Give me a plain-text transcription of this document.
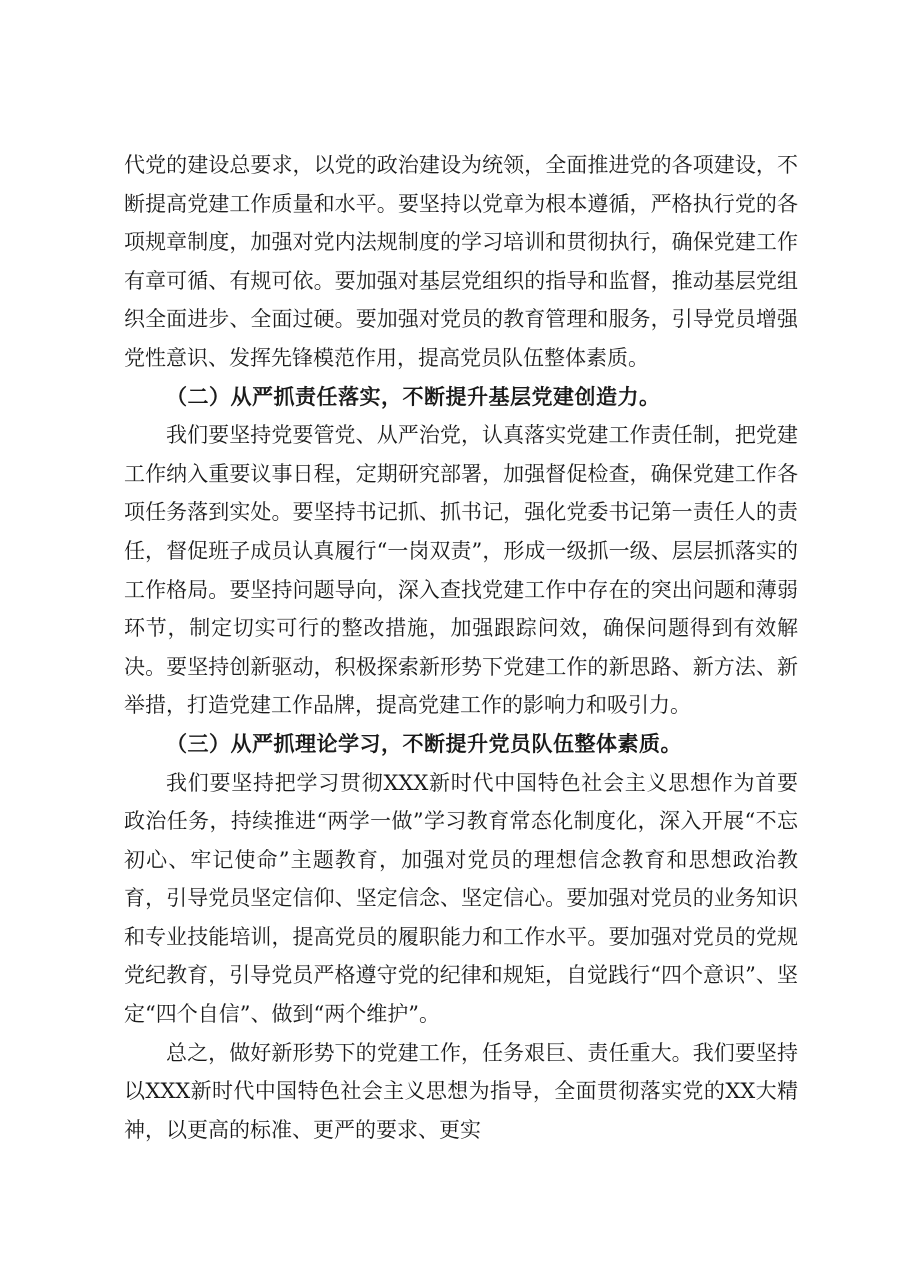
代党的建设总要求，以党的政治建设为统领，全面推进党的各项建设，不断提高党建工作质量和水平。要坚持以党章为根本遵循，严格执行党的各项规章制度，加强对党内法规制度的学习培训和贯彻执行，确保党建工作有章可循、有规可依。要加强对基层党组织的指导和监督，推动基层党组织全面进步、全面过硬。要加强对党员的教育管理和服务，引导党员增强党性意识、发挥先锋模范作用，提高党员队伍整体素质。

（二）从严抓责任落实，不断提升基层党建创造力。

我们要坚持党要管党、从严治党，认真落实党建工作责任制，把党建工作纳入重要议事日程，定期研究部署，加强督促检查，确保党建工作各项任务落到实处。要坚持书记抓、抓书记，强化党委书记第一责任人的责任，督促班子成员认真履行“一岗双责”，形成一级抓一级、层层抓落实的工作格局。要坚持问题导向，深入查找党建工作中存在的突出问题和薄弱环节，制定切实可行的整改措施，加强跟踪问效，确保问题得到有效解决。要坚持创新驱动，积极探索新形势下党建工作的新思路、新方法、新举措，打造党建工作品牌，提高党建工作的影响力和吸引力。

（三）从严抓理论学习，不断提升党员队伍整体素质。

我们要坚持把学习贯彻XXX新时代中国特色社会主义思想作为首要政治任务，持续推进“两学一做”学习教育常态化制度化，深入开展“不忘初心、牢记使命”主题教育，加强对党员的理想信念教育和思想政治教育，引导党员坚定信仰、坚定信念、坚定信心。要加强对党员的业务知识和专业技能培训，提高党员的履职能力和工作水平。要加强对党员的党规党纪教育，引导党员严格遵守党的纪律和规矩，自觉践行“四个意识”、坚定“四个自信”、做到“两个维护”。

总之，做好新形势下的党建工作，任务艰巨、责任重大。我们要坚持以XXX新时代中国特色社会主义思想为指导，全面贯彻落实党的XX大精神，以更高的标准、更严的要求、更实
